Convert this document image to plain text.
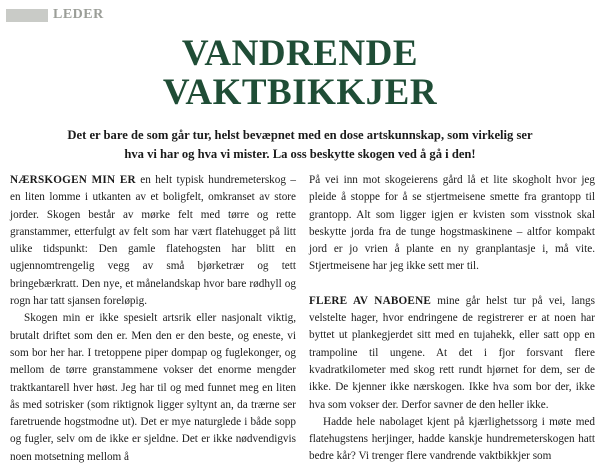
LEDER
VANDRENDE
VAKTBIKKJER
Det er bare de som går tur, helst bevæpnet med en dose artskunnskap, som virkelig ser hva vi har og hva vi mister. La oss beskytte skogen ved å gå i den!

NÆRSKOGEN MIN ER en helt typisk hundremeterskog – en liten lomme i utkanten av et boligfelt, omkranset av store jorder. Skogen består av mørke felt med tørre og rette granstammer, etterfulgt av felt som har vært flatehugget på litt ulike tidspunkt: Den gamle flatehogsten har blitt en ugjennomtrengelig vegg av små bjørketrær og tett bringebærkratt. Den nye, et månelandskap hvor bare rødhyll og rogn har tatt sjansen foreløpig.

Skogen min er ikke spesielt artsrik eller nasjonalt viktig, brutalt driftet som den er. Men den er den beste, og eneste, vi som bor her har. I tretoppene piper dompap og fuglekonger, og mellom de tørre granstammene vokser det enorme mengder traktkantarell hver høst. Jeg har til og med funnet meg en liten ås med sotrisker (som riktignok ligger syltynt an, da trærne ser faretruende hogstmodne ut). Det er mye naturglede i både sopp og fugler, selv om de ikke er sjeldne. Det er ikke nødvendigvis noen motsetning mellom å

På vei inn mot skogeierens gård lå et lite skogholt hvor jeg pleide å stoppe for å se stjertmeisene smette fra grantopp til grantopp. Alt som ligger igjen er kvisten som visstnok skal beskytte jorda fra de tunge hogstmaskinene – altfor kompakt jord er jo vrien å plante en ny granplantasje i, må vite. Stjertmeisene har jeg ikke sett mer til.

FLERE AV NABOENE mine går helst tur på vei, langs velstelte hager, hvor endringene de registrerer er at noen har byttet ut plankegjerdet sitt med en tujahekk, eller satt opp en trampoline til ungene. At det i fjor forsvant flere kvadratkilometer med skog rett rundt hjørnet for dem, ser de ikke. De kjenner ikke nærskogen. Ikke hva som bor der, ikke hva som vokser der. Derfor savner de den heller ikke.

Hadde hele nabolaget kjent på kjærlighetssorg i møte med flatehugstens herjinger, hadde kanskje hundremeterskogen hatt bedre kår? Vi trenger flere vandrende vaktbikkjer som
